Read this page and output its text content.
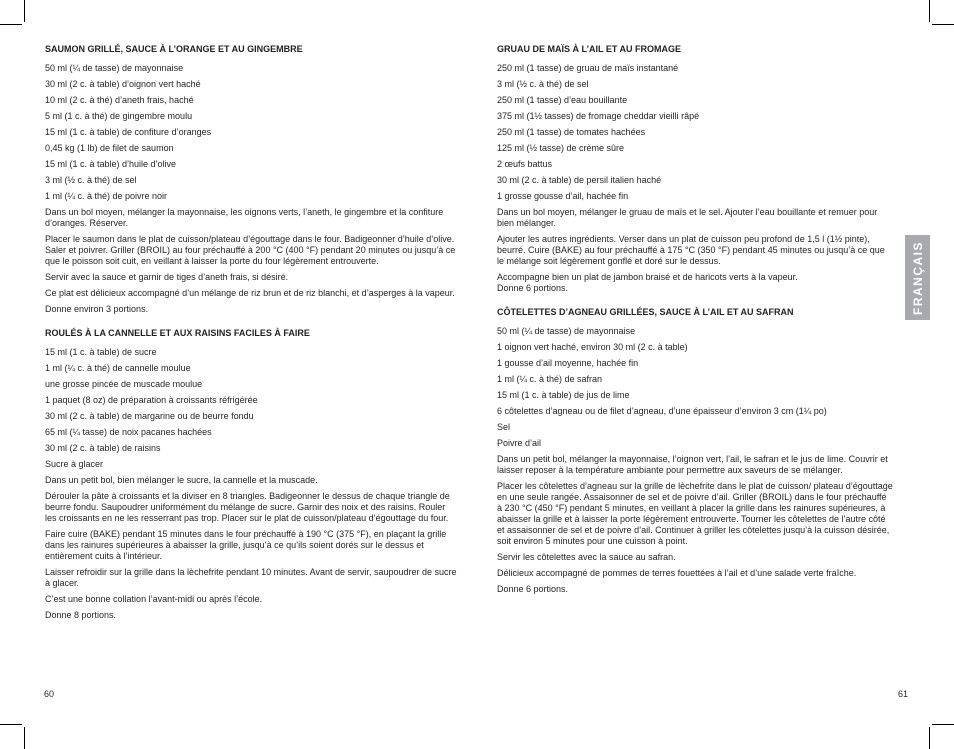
SAUMON GRILLÉ, SAUCE À L’ORANGE ET AU GINGEMBRE
50 ml (¼ de tasse) de mayonnaise
30 ml (2 c. à table) d’oignon vert haché
10 ml (2 c. à thé) d’aneth frais, haché
5 ml (1 c. à thé) de gingembre moulu
15 ml (1 c. à table) de confiture d’oranges
0,45 kg (1 lb) de filet de saumon
15 ml (1 c. à table) d’huile d’olive
3 ml (½ c. à thé) de sel
1 ml (¼ c. à thé) de poivre noir
Dans un bol moyen, mélanger la mayonnaise, les oignons verts, l’aneth, le gingembre et la confiture d’oranges. Réserver.
Placer le saumon dans le plat de cuisson/plateau d’égouttage dans le four. Badigeonner d’huile d’olive. Saler et poivrer. Griller (BROIL) au four préchauffé à 200 °C (400 °F) pendant 20 minutes ou jusqu’à ce que le poisson soit cuit, en veillant à laisser la porte du four légèrement entrouverte.
Servir avec la sauce et garnir de tiges d’aneth frais, si désiré.
Ce plat est délicieux accompagné d’un mélange de riz brun et de riz blanchi, et d’asperges à la vapeur.
Donne environ 3 portions.
ROULÉS À LA CANNELLE ET AUX RAISINS FACILES À FAIRE
15 ml (1 c. à table) de sucre
1 ml (¼ c. à thé) de cannelle moulue
une grosse pincée de muscade moulue
1 paquet (8 oz) de préparation à croissants réfrigérée
30 ml (2 c. à table) de margarine ou de beurre fondu
65 ml (¼ tasse) de noix pacanes hachées
30 ml (2 c. à table) de raisins
Sucre à glacer
Dans un petit bol, bien mélanger le sucre, la cannelle et la muscade.
Dérouler la pâte à croissants et la diviser en 8 triangles. Badigeonner le dessus de chaque triangle de beurre fondu. Saupoudrer uniformément du mélange de sucre. Garnir des noix et des raisins. Rouler les croissants en ne les resserrant pas trop. Placer sur le plat de cuisson/plateau d’égouttage du four.
Faire cuire (BAKE) pendant 15 minutes dans le four préchauffé à 190 °C (375 °F), en plaçant la grille dans les rainures supérieures à abaisser la grille, jusqu’à ce qu’ils soient dorés sur le dessus et entièrement cuits à l’intérieur.
Laisser refroidir sur la grille dans la lèchefrite pendant 10 minutes. Avant de servir, saupoudrer de sucre à glacer.
C’est une bonne collation l’avant-midi ou après l’école.
Donne 8 portions.
GRUAU DE MAÏS À L’AIL ET AU FROMAGE
250 ml (1 tasse) de gruau de maïs instantané
3 ml (½ c. à thé) de sel
250 ml (1 tasse) d’eau bouillante
375 ml (1½ tasses) de fromage cheddar vieilli râpé
250 ml (1 tasse) de tomates hachées
125 ml (½ tasse) de crème sûre
2 œufs battus
30 ml (2 c. à table) de persil italien haché
1 grosse gousse d’ail, hachée fin
Dans un bol moyen, mélanger le gruau de maïs et le sel. Ajouter l’eau bouillante et remuer pour bien mélanger.
Ajouter les autres ingrédients. Verser dans un plat de cuisson peu profond de 1,5 l (1½ pinte), beurré. Cuire (BAKE) au four préchauffé à 175 °C (350 °F) pendant 45 minutes ou jusqu’à ce que le mélange soit légèrement gonflé et doré sur le dessus.
Accompagne bien un plat de jambon braisé et de haricots verts à la vapeur.
Donne 6 portions.
CÔTELETTES D’AGNEAU GRILLÉES, SAUCE À L’AIL ET AU SAFRAN
50 ml (¼ de tasse) de mayonnaise
1 oignon vert haché, environ 30 ml (2 c. à table)
1 gousse d’ail moyenne, hachée fin
1 ml (¼ c. à thé) de safran
15 ml (1 c. à table) de jus de lime
6 côtelettes d’agneau ou de filet d’agneau, d’une épaisseur d’environ 3 cm (1¼ po)
Sel
Poivre d’ail
Dans un petit bol, mélanger la mayonnaise, l’oignon vert, l’ail, le safran et le jus de lime. Couvrir et laisser reposer à la température ambiante pour permettre aux saveurs de se mélanger.
Placer les côtelettes d’agneau sur la grille de lèchefrite dans le plat de cuisson/ plateau d’égouttage en une seule rangée. Assaisonner de sel et de poivre d’ail. Griller (BROIL) dans le four préchauffé à 230 °C (450 °F) pendant 5 minutes, en veillant à placer la grille dans les rainures supérieures, à abaisser la grille et à laisser la porte légèrement entrouverte. Tourner les côtelettes de l’autre côté et assaisonner de sel et de poivre d’ail. Continuer à griller les côtelettes jusqu’à la cuisson désirée, soit environ 5 minutes pour une cuisson à point.
Servir les côtelettes avec la sauce au safran.
Délicieux accompagné de pommes de terres fouettées à l’ail et d’une salade verte fraîche.
Donne 6 portions.
FRANÇAIS
60	61
